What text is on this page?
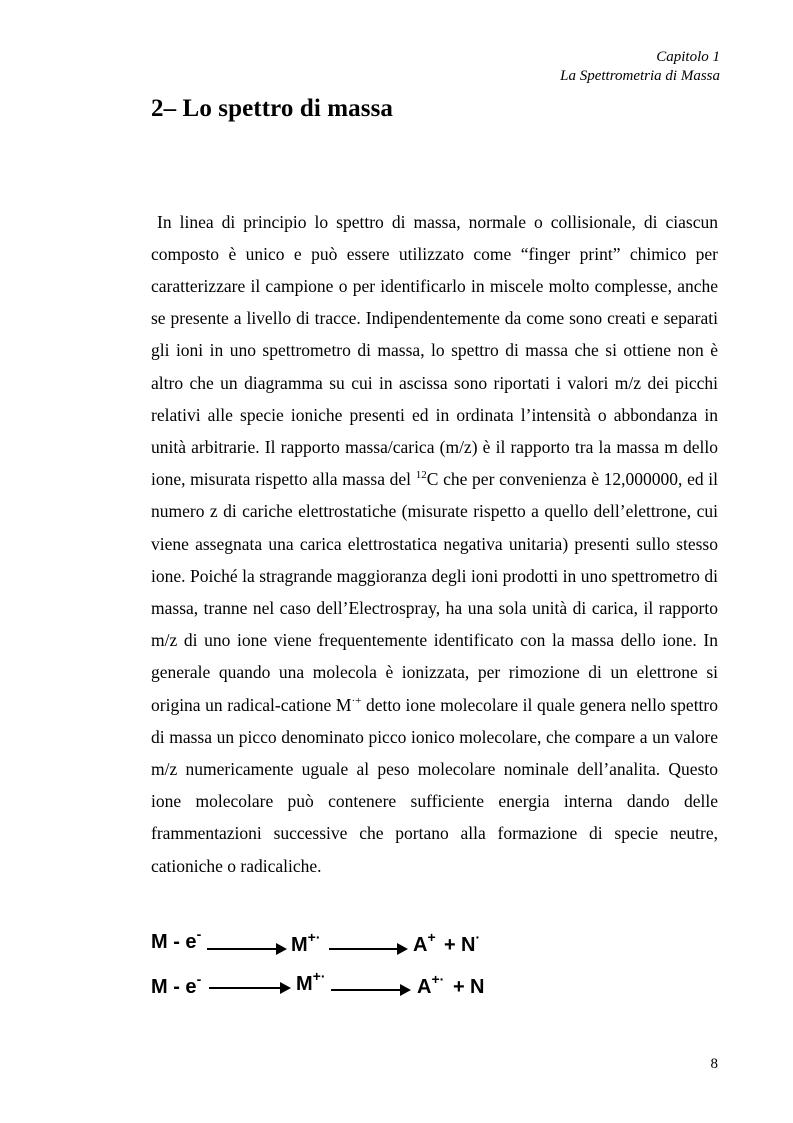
Capitolo 1
La Spettrometria di Massa
2– Lo spettro di massa

In linea di principio lo spettro di massa, normale o collisionale, di ciascun composto è unico e può essere utilizzato come “finger print” chimico per caratterizzare il campione o per identificarlo in miscele molto complesse, anche se presente a livello di tracce. Indipendentemente da come sono creati e separati gli ioni in uno spettrometro di massa, lo spettro di massa che si ottiene non è altro che un diagramma su cui in ascissa sono riportati i valori m/z dei picchi relativi alle specie ioniche presenti ed in ordinata l’intensità o abbondanza in unità arbitrarie. Il rapporto massa/carica (m/z) è il rapporto tra la massa m dello ione, misurata rispetto alla massa del $^{12}$C che per convenienza è 12,000000, ed il numero z di cariche elettrostatiche (misurate rispetto a quello dell’elettrone, cui viene assegnata una carica elettrostatica negativa unitaria) presenti sullo stesso ione. Poiché la stragrande maggioranza degli ioni prodotti in uno spettrometro di massa, tranne nel caso dell’Electrospray, ha una sola unità di carica, il rapporto m/z di uno ione viene frequentemente identificato con la massa dello ione. In generale quando una molecola è ionizzata, per rimozione di un elettrone si origina un radical-catione M·+ detto ione molecolare il quale genera nello spettro di massa un picco denominato picco ionico molecolare, che compare a un valore m/z numericamente uguale al peso molecolare nominale dell’analita. Questo ione molecolare può contenere sufficiente energia interna dando delle frammentazioni successive che portano alla formazione di specie neutre, cationiche o radicaliche.

M - e-	M+·	A+ + N·
M - e-	M+·	A+· + N
8
